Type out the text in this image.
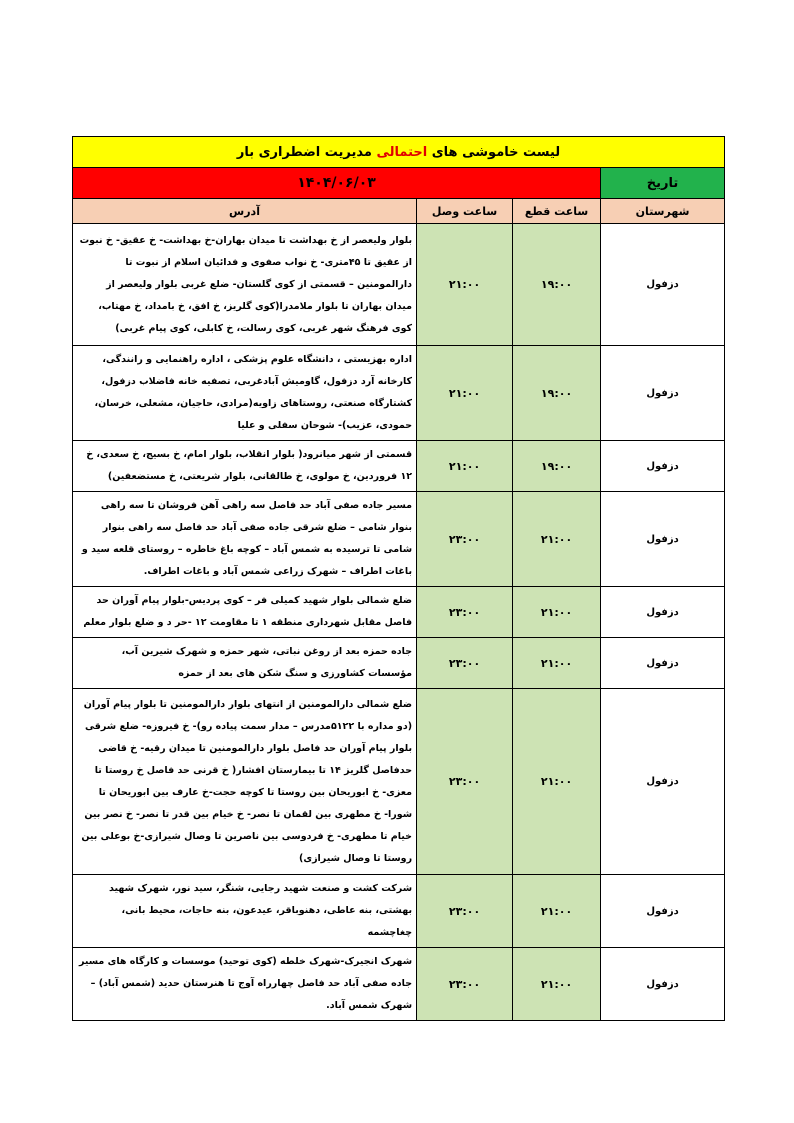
لیست خاموشی های احتمالی مدیریت اضطراری بار			
تاریخ	۱۴۰۴/۰۶/۰۳		
شهرستان	ساعت قطع	ساعت وصل	آدرس
دزفول	۱۹:۰۰	۲۱:۰۰	بلوار ولیعصر از خ بهداشت تا میدان بهاران-خ بهداشت- خ عقیق- خ نبوت از عقیق تا ۴۵متری- خ نواب صفوی و فدائیان اسلام از نبوت تا دارالمومنین – قسمتی از کوی گلستان- ضلع غربی بلوار ولیعصر از میدان بهاران تا بلوار ملامدرا(کوی گلریز، خ افق، خ بامداد، خ مهتاب، کوی فرهنگ شهر غربی، کوی رسالت، خ کابلی، کوی پیام غربی)
دزفول	۱۹:۰۰	۲۱:۰۰	اداره بهزیستی ، دانشگاه علوم پزشکی ، اداره راهنمایی و رانندگی، کارخانه آرد دزفول، گاومیش آبادغربی، تصفیه خانه فاضلاب دزفول، کشتارگاه صنعتی، روستاهای زاویه(مرادی، حاجیان، مشعلی، خرسان، حمودی، عزیب)- شوحان سفلی و علیا
دزفول	۱۹:۰۰	۲۱:۰۰	قسمتی از شهر میانرود( بلوار انقلاب، بلوار امام، خ بسیج، خ سعدی، خ ۱۲ فروردین، خ مولوی، خ طالقانی، بلوار شریعتی، خ مستضعفین)
دزفول	۲۱:۰۰	۲۳:۰۰	مسیر جاده صفی آباد حد فاصل سه راهی آهن فروشان تا سه راهی بنوار شامی – ضلع شرقی جاده صفی آباد حد فاصل سه راهی بنوار شامی تا ترسیده به شمس آباد – کوچه باغ خاطره – روستای قلعه سید و باغات اطراف – شهرک زراعی شمس آباد و باغات اطراف.
دزفول	۲۱:۰۰	۲۳:۰۰	ضلع شمالی بلوار شهید کمیلی فر – کوی پردیس-بلوار پیام آوران حد فاصل مقابل شهرداری منطقه ۱ تا مقاومت ۱۲ -حر د و ضلع بلوار معلم
دزفول	۲۱:۰۰	۲۳:۰۰	جاده حمزه بعد از روغن نباتی، شهر حمزه و شهرک شیرین آب، مؤسسات کشاورزی و سنگ شکن های بعد از حمزه
دزفول	۲۱:۰۰	۲۳:۰۰	ضلع شمالی دارالمومنین از انتهای بلوار دارالمومنین تا بلوار پیام آوران (دو مداره با ۵۱۲۲مدرس – مدار سمت پیاده رو)- خ فیروزه- ضلع شرقی بلوار پیام آوران حد فاصل بلوار دارالمومنین تا میدان رقیه- خ قاضی حدفاصل گلریز ۱۴ تا بیمارستان افشار( خ قرنی حد فاصل خ روستا تا معزی- خ ابوریحان بین روستا تا کوچه حجت-خ عارف بین ابوریحان تا شورا- خ مطهری بین لقمان تا نصر- خ خیام بین قدر تا نصر- خ نصر بین خیام تا مطهری- خ فردوسی بین ناصرین تا وصال شیرازی-خ بوعلی بین روستا تا وصال شیرازی)
دزفول	۲۱:۰۰	۲۳:۰۰	شرکت کشت و صنعت شهید رجایی، شنگر، سید نور، شهرک شهید بهشتی، بنه عاطی، دهنوباقر، عیدعون، بنه حاجات، محیط بانی، چغاچشمه
دزفول	۲۱:۰۰	۲۳:۰۰	شهرک انجیرک-شهرک خلطه (کوی توحید) موسسات و کارگاه های مسیر جاده صفی آباد حد فاصل چهارراه آوج تا هنرستان حدید (شمس آباد) – شهرک شمس آباد.
